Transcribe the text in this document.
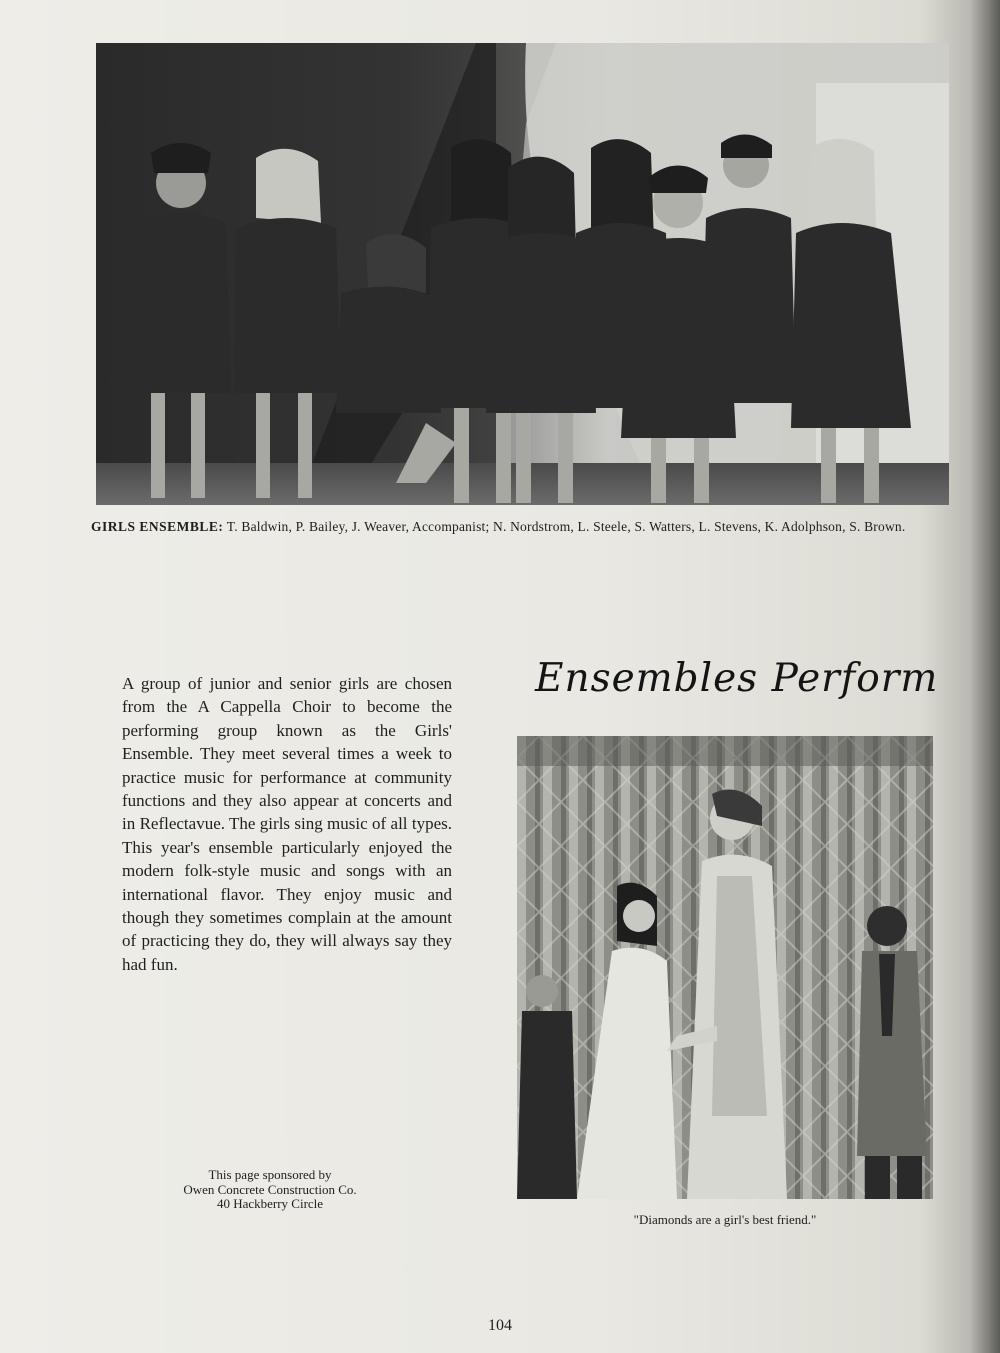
GIRLS ENSEMBLE: T. Baldwin, P. Bailey, J. Weaver, Accompanist; N. Nordstrom, L. Steele, S. Watters, L. Stevens, K. Adolphson, S. Brown.
Ensembles Perform

A group of junior and senior girls are chosen from the A Cappella Choir to become the performing group known as the Girls' Ensemble. They meet several times a week to practice music for performance at community functions and they also appear at concerts and in Reflectavue. The girls sing music of all types. This year's ensemble particularly enjoyed the modern folk-style music and songs with an international flavor. They enjoy music and though they sometimes complain at the amount of practicing they do, they will always say they had fun.

This page sponsored by
Owen Concrete Construction Co.
40 Hackberry Circle
"Diamonds are a girl's best friend."
104
